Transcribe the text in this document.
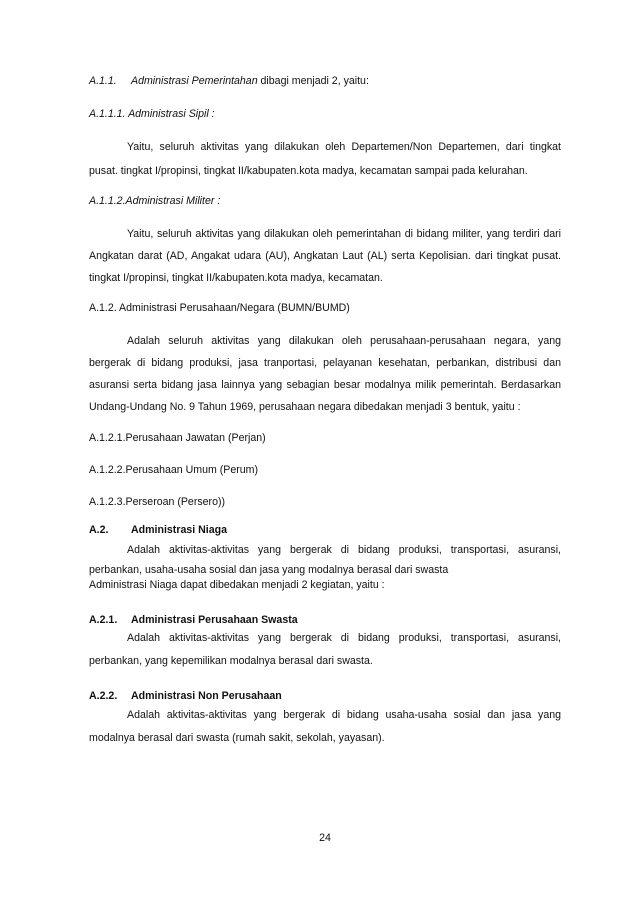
A.1.1. Administrasi Pemerintahan dibagi menjadi 2, yaitu:
A.1.1.1. Administrasi Sipil :
Yaitu, seluruh aktivitas yang dilakukan oleh Departemen/Non Departemen, dari tingkat
pusat. tingkat I/propinsi, tingkat II/kabupaten.kota madya, kecamatan sampai pada kelurahan.
A.1.1.2.Administrasi Militer :
Yaitu, seluruh aktivitas yang dilakukan oleh pemerintahan di bidang militer, yang terdiri dari
Angkatan darat (AD, Angakat udara (AU), Angkatan Laut (AL) serta Kepolisian. dari tingkat pusat.
tingkat I/propinsi, tingkat II/kabupaten.kota madya, kecamatan.
A.1.2. Administrasi Perusahaan/Negara (BUMN/BUMD)
Adalah seluruh aktivitas yang dilakukan oleh perusahaan-perusahaan negara, yang
bergerak di bidang produksi, jasa tranportasi, pelayanan kesehatan, perbankan, distribusi dan
asuransi serta bidang jasa lainnya yang sebagian besar modalnya milik pemerintah. Berdasarkan
Undang-Undang No. 9 Tahun 1969, perusahaan negara dibedakan menjadi 3 bentuk, yaitu :
A.1.2.1.Perusahaan Jawatan (Perjan)
A.1.2.2.Perusahaan Umum (Perum)
A.1.2.3.Perseroan (Persero))
A.2. Administrasi Niaga
Adalah aktivitas-aktivitas yang bergerak di bidang produksi, transportasi, asuransi,
perbankan, usaha-usaha sosial dan jasa yang modalnya berasal dari swasta
Administrasi Niaga dapat dibedakan menjadi 2 kegiatan, yaitu :
A.2.1. Administrasi Perusahaan Swasta
Adalah aktivitas-aktivitas yang bergerak di bidang produksi, transportasi, asuransi,
perbankan, yang kepemilikan modalnya berasal dari swasta.
A.2.2. Administrasi Non Perusahaan
Adalah aktivitas-aktivitas yang bergerak di bidang usaha-usaha sosial dan jasa yang
modalnya berasal dari swasta (rumah sakit, sekolah, yayasan).
24
